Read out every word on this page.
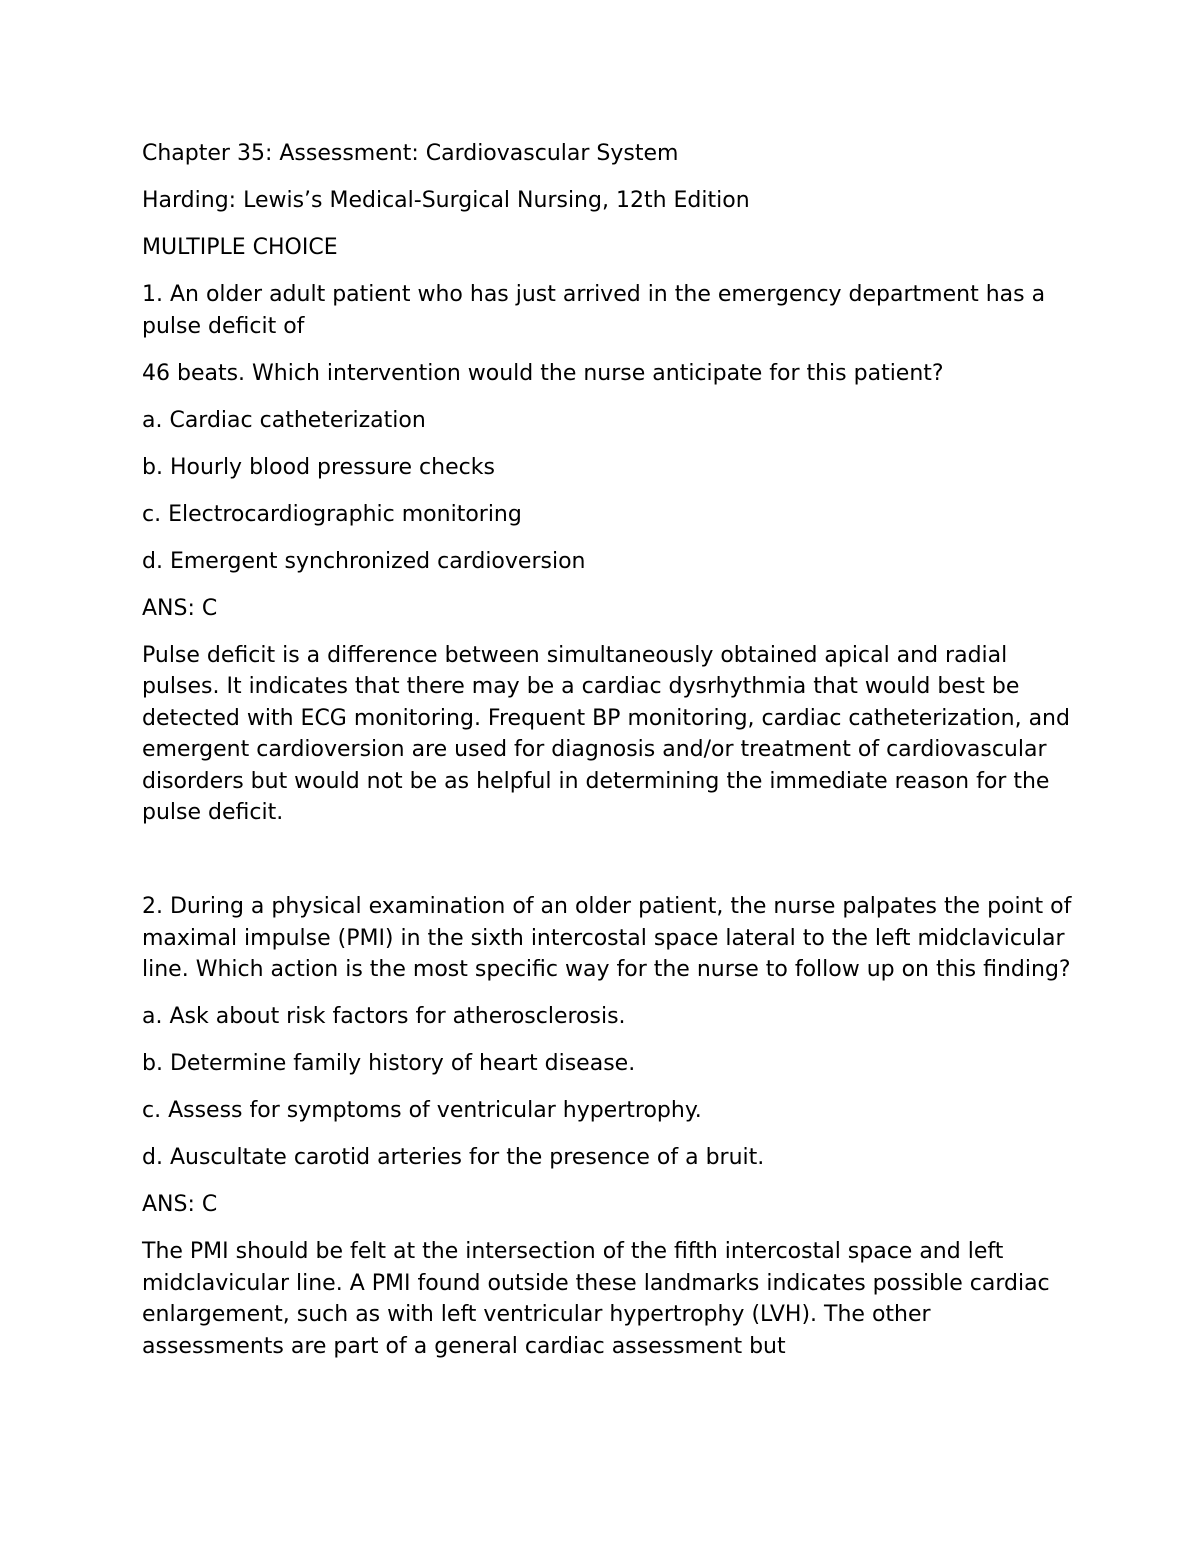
Chapter 35: Assessment: Cardiovascular System

Harding: Lewis’s Medical-Surgical Nursing, 12th Edition

MULTIPLE CHOICE

1. An older adult patient who has just arrived in the emergency department has a pulse deficit of

46 beats. Which intervention would the nurse anticipate for this patient?

a. Cardiac catheterization

b. Hourly blood pressure checks

c. Electrocardiographic monitoring

d. Emergent synchronized cardioversion

ANS: C

Pulse deficit is a difference between simultaneously obtained apical and radial pulses. It indicates that there may be a cardiac dysrhythmia that would best be detected with ECG monitoring. Frequent BP monitoring, cardiac catheterization, and emergent cardioversion are used for diagnosis and/or treatment of cardiovascular disorders but would not be as helpful in determining the immediate reason for the pulse deficit.

2. During a physical examination of an older patient, the nurse palpates the point of maximal impulse (PMI) in the sixth intercostal space lateral to the left midclavicular line. Which action is the most specific way for the nurse to follow up on this finding?

a. Ask about risk factors for atherosclerosis.

b. Determine family history of heart disease.

c. Assess for symptoms of ventricular hypertrophy.

d. Auscultate carotid arteries for the presence of a bruit.

ANS: C

The PMI should be felt at the intersection of the fifth intercostal space and left midclavicular line. A PMI found outside these landmarks indicates possible cardiac enlargement, such as with left ventricular hypertrophy (LVH). The other assessments are part of a general cardiac assessment but
